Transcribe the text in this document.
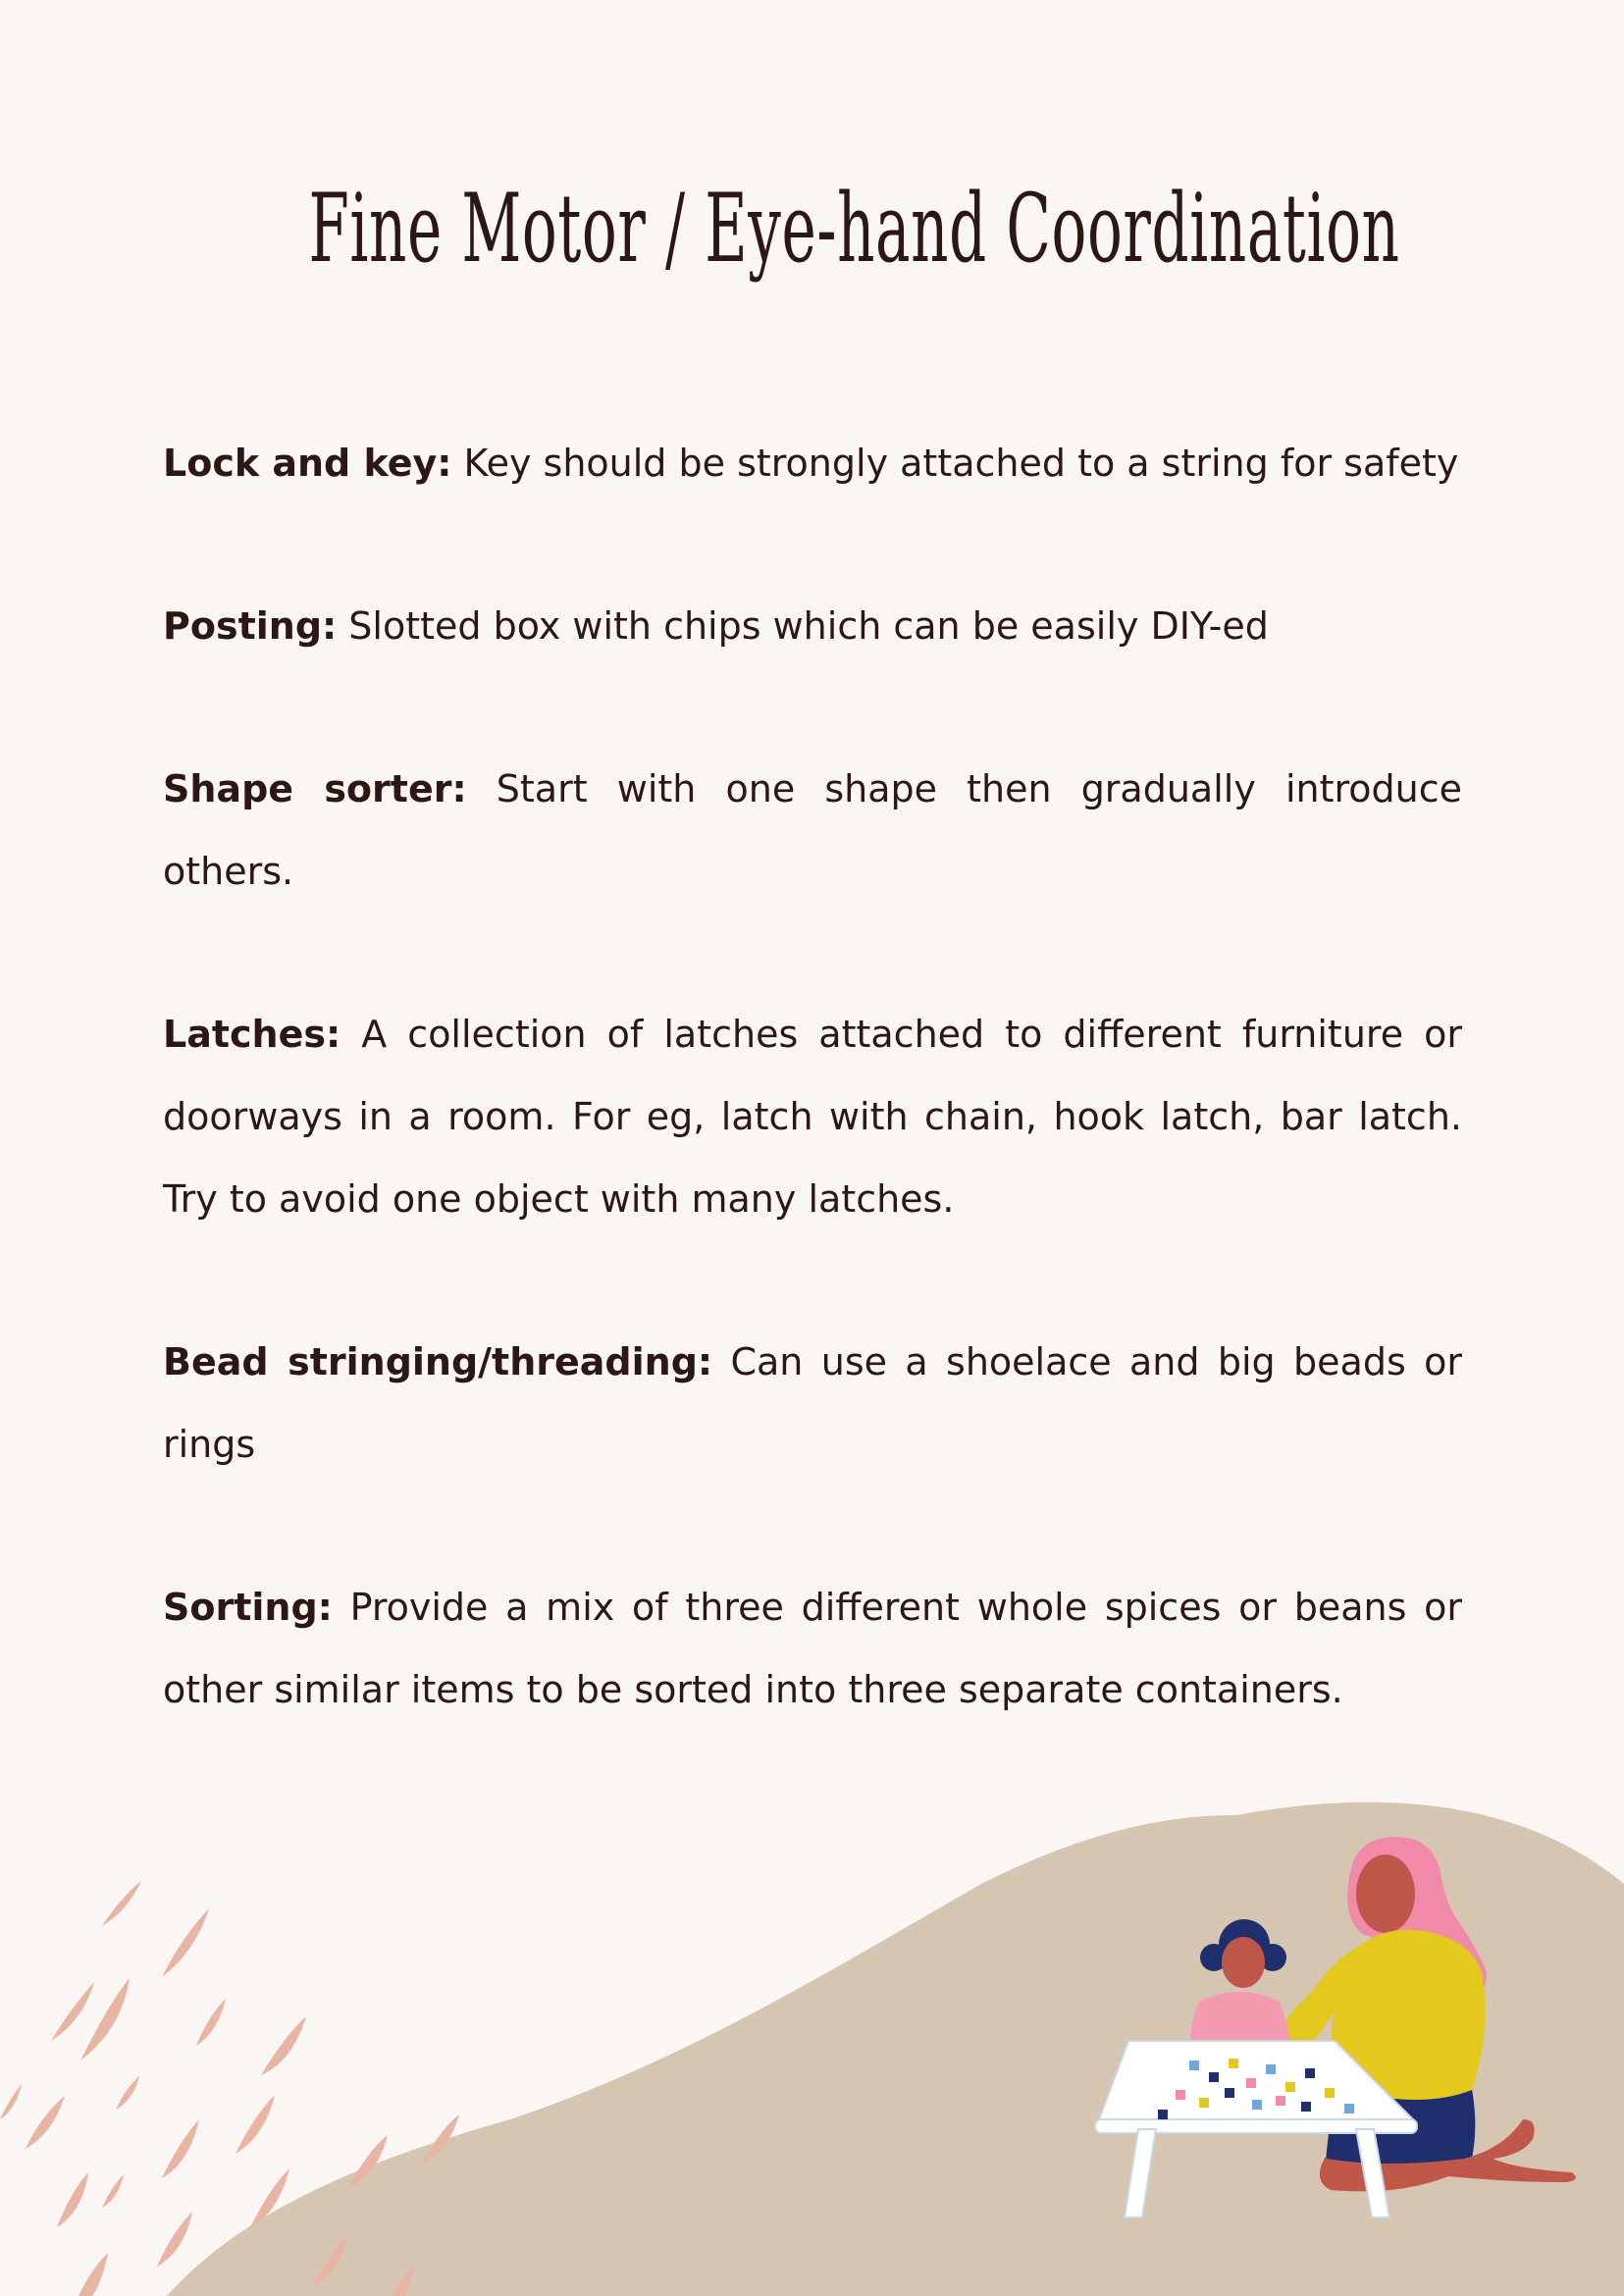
Fine Motor / Eye-hand Coordination

Lock and key: Key should be strongly attached to a string for safety

Posting: Slotted box with chips which can be easily DIY-ed

Shape sorter: Start with one shape then gradually introduce others.

Latches: A collection of latches attached to different furniture or doorways in a room. For eg, latch with chain, hook latch, bar latch. Try to avoid one object with many latches.

Bead stringing/threading: Can use a shoelace and big beads or rings

Sorting: Provide a mix of three different whole spices or beans or other similar items to be sorted into three separate containers.
